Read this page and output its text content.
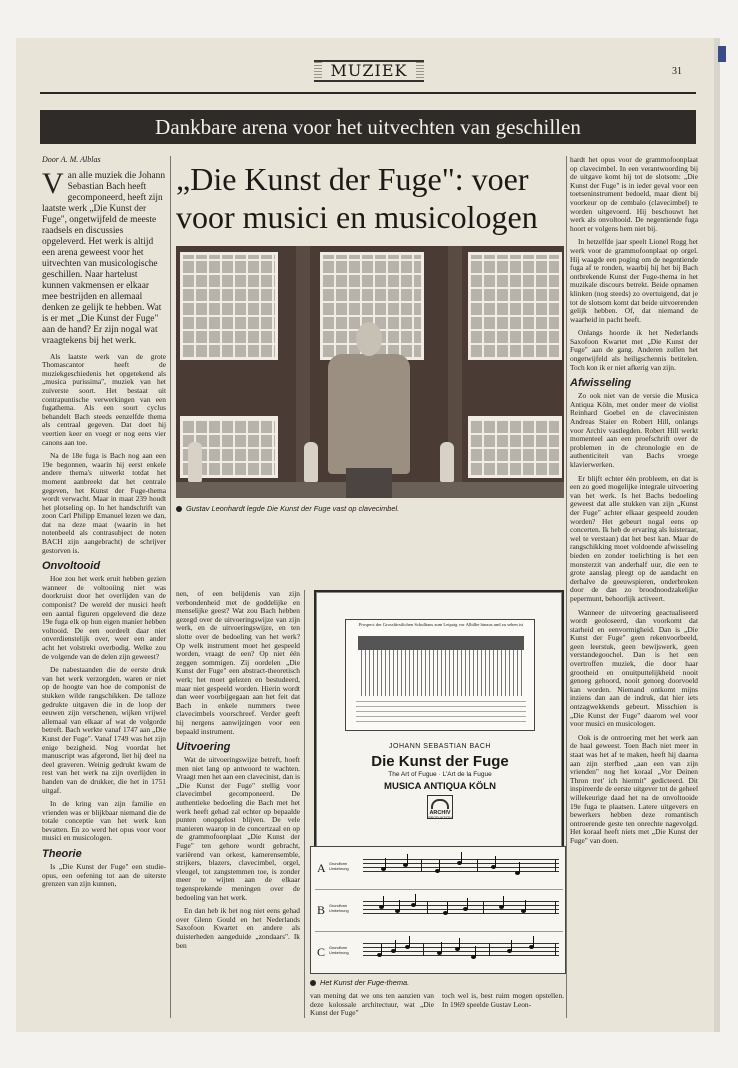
MUZIEK	31
Dankbare arena voor het uitvechten van geschillen
Door A. M. Alblas
Van alle muziek die Johann Sebastian Bach heeft gecomponeerd, heeft zijn laatste werk „Die Kunst der Fuge", ongetwijfeld de meeste raadsels en discussies opgeleverd. Het werk is altijd een arena geweest voor het uitvechten van musicologische geschillen. Naar hartelust kunnen vakmensen er elkaar mee bestrijden en allemaal denken ze gelijk te hebben. Wat is er met „Die Kunst der Fuge" aan de hand? Er zijn nogal wat vraagtekens bij het werk.

Als laatste werk van de grote Thomascantor heeft de muziekgeschiedenis het opgetekend als „musica purissima", muziek van het zuiverste soort. Het bestaat uit contrapuntische verwerkingen van een fugathema. Als een soort cyclus behandelt Bach steeds eenzelfde thema als centraal gegeven. Dat doet hij veertien keer en voegt er nog eens vier canons aan toe.

Na de 18e fuga is Bach nog aan een 19e begonnen, waarin hij eerst enkele andere thema's uitwerkt totdat het moment aanbreekt dat het centrale gegeven, het Kunst der Fuge-thema wordt verwacht. Maar in maat 239 houdt het plotseling op. In het handschrift van zoon Carl Philipp Emanuel lezen we dan, dat na deze maat (waarin in het notenbeeld als contrasubject de noten BACH zijn aangebracht) de schrijver gestorven is.

Onvoltooid

Hoe zou het werk eruit hebben gezien wanneer de voltooiing niet was doorkruist door het overlijden van de componist? De wereld der musici heeft een aantal figuren opgeleverd die deze 19e fuga elk op hun eigen manier hebben voltooid. De een oordeelt daar niet onverdienstelijk over, weer een ander acht het volstrekt overbodig. Welke zou de volgende van de delen zijn geweest?

De nabestaanden die de eerste druk van het werk verzorgden, waren er niet op de hoogte van hoe de componist de stukken wilde rangschikken. De talloze gedrukte uitgaven die in de loop der eeuwen zijn verschenen, wijken vrijwel allemaal van elkaar af wat de volgorde betreft. Bach werkte vanaf 1747 aan „Die Kunst der Fuge". Vanaf 1749 was het zijn enige bezigheid. Nog voordat het manuscript was afgerond, liet hij deel na deel graveren. Weinig gedrukt kwam de rest van het werk na zijn overlijden in handen van de drukker, die het in 1751 uitgaf.

In de kring van zijn familie en vrienden was er blijkbaar niemand die de totale conceptie van het werk kon bevatten. En zo werd het opus voor voor musici en musicologen.

Theorie

Is „Die Kunst der Fuge" een studie-opus, een oefening tot aan de uiterste grenzen van zijn kunnen,

„Die Kunst der Fuge": voer
voor musici en musicologen
Gustav Leonhardt legde Die Kunst der Fuge vast op clavecimbel.

nen, of een belijdenis van zijn verbondenheid met de goddelijke en menselijke geest? Wat zou Bach hebben gezegd over de uitvoeringswijze van zijn werk, en de uitvoeringswijze, en ten slotte over de bedoeling van het werk? Op welk instrument moet het gespeeld worden, vraagt de een? Op niet één zeggen sommigen. Zij oordelen „Die Kunst der Fuge" een abstract-theoretisch werk; het moet gelezen en bestudeerd, maar niet gespeeld worden. Hierin wordt dan weer voorbijgegaan aan het feit dat Bach in enkele nummers twee clavecimbels voorschreef. Verder geeft hij nergens aanwijzingen voor een bepaald instrument.

Uitvoering

Wat de uitvoeringswijze betreft, hoeft men niet lang op antwoord te wachten. Vraagt men het aan een clavecinist, dan is „Die Kunst der Fuge" stellig voor clavecimbel gecomponeerd. De authentieke bedoeling die Bach met het werk heeft gehad zal echter op bepaalde punten onopgelost blijven. De vele manieren waarop in de concertzaal en op de grammofoonplaat „Die Kunst der Fuge" ten gehore wordt gebracht, variërend van orkest, kamerensemble, strijkers, blazers, clavecimbel, orgel, vleugel, tot zangstemmen toe, is zonder meer te wijten aan de elkaar tegensprekende meningen over de bedoeling van het werk.

En dan heb ik het nog niet eens gehad over Glenn Gould en het Nederlands Saxofoon Kwartet en andere als duisterheden aangeduide „zondaars". Ik ben

Prospect der Grossfürstlichen Schulhaus zum Leipzig vor Alhilbe hinaus und zu sehen ist
JOHANN SEBASTIAN BACH
Die Kunst der Fuge
The Art of Fugue · L'Art de la Fugue
MUSICA ANTIQUA KÖLN
ARCHIV
PRODUKTION
A Grundform Umkehrung
B Grundform Umkehrung
C Grundform Umkehrung
Het Kunst der Fuge-thema.

van mening dat we ons ten aanzien van deze kolossale architectuur, wat „Die Kunst der Fuge"

toch wel is, best ruim mogen opstellen. In 1969 speelde Gustav Leon-

hardt het opus voor de grammofoonplaat op clavecimbel. In een verantwoording bij de uitgave komt hij tot de slotsom: „Die Kunst der Fuge" is in ieder geval voor een toetseninstrument bedoeld, maar dient bij voorkeur op de cembalo (clavecimbel) te worden uitgevoerd. Hij beschouwt het werk als onvoltooid. De negentiende fuga hoort er volgens hem niet bij.

In hetzelfde jaar speelt Lionel Rogg het werk voor de grammofoonplaat op orgel. Hij waagde een poging om de negentiende fuga af te ronden, waarbij hij het bij Bach ontbrekende Kunst der Fuge-thema in het muzikale discours betrekt. Beide opnamen klinken (nog steeds) zo overtuigend, dat je tot de slotsom komt dat beide uitvoerenden gelijk hebben. Of, dat niemand de waarheid in pacht heeft.

Onlangs hoorde ik het Nederlands Saxofoon Kwartet met „Die Kunst der Fuge" aan de gang. Anderen zullen het ongetwijfeld als heiligschennis betitelen. Toch kon ik er niet afkerig van zijn.

Afwisseling

Zo ook niet van de versie die Musica Antiqua Köln, met onder meer de violist Reinhard Goebel en de clavecinisten Andreas Staier en Robert Hill, onlangs voor Archiv vastlegden. Robert Hill werkt momenteel aan een proefschrift over de problemen in de chronologie en de authenticiteit van Bachs vroege klavierwerken.

Er blijft echter één probleem, en dat is een zo goed mogelijke integrale uitvoering van het werk. Is het Bachs bedoeling geweest dat alle stukken van zijn „Kunst der Fuge" achter elkaar gespeeld zouden worden? Het gebeurt nogal eens op concerten. Ik heb de ervaring als luisteraar, wel te verstaan) dat het best kan. Maar de rangschikking moet voldoende afwisseling bieden en zonder toelichting is het een monsterzit van anderhalf uur, die een te grote aanslag pleegt op de aandacht en derhalve de geeuwspieren, onderbroken door de dan zo broodnoodzakelijke pepermunt, behoorlijk activeert.

Wanneer de uitvoering geactualiseerd wordt geoloseerd, dan voorkomt dat starheid en eenvormigheid. Dan is „Die Kunst der Fuge" geen rekenvoorbeeld, geen leerstuk, geen bewijswerk, geen verstandegoochel. Dan is het een overtroffen muziek, die door haar grootheid en onuitputtelijkheid nooit genoeg gehoord, nooit genoeg doorvoeld kan worden. Niemand ontkomt mijns inziens dan aan de indruk, dat hier iets ontzagwekkends gebeurt. Misschien is „Die Kunst der Fuge" daarom wel voor voor musici en musicologen.

Ook is de ontroering met het werk aan de haal geweest. Toen Bach niet meer in staat was het af te maken, heeft hij daarna aan zijn sterfbed „aan een van zijn vrienden" nog het koraal „Vor Deinen Thron tret' ich hiermit" gedicteerd. Dit inspireerde de eerste uitgever tot de geheel willekeurige daad het na de onvoltooide 19e fuga te plaatsen. Latere uitgevers en bewerkers hebben deze romantisch ontroerende geste ten onrechte nagevolgd. Het koraal heeft niets met „Die Kunst der Fuge" van doen.
